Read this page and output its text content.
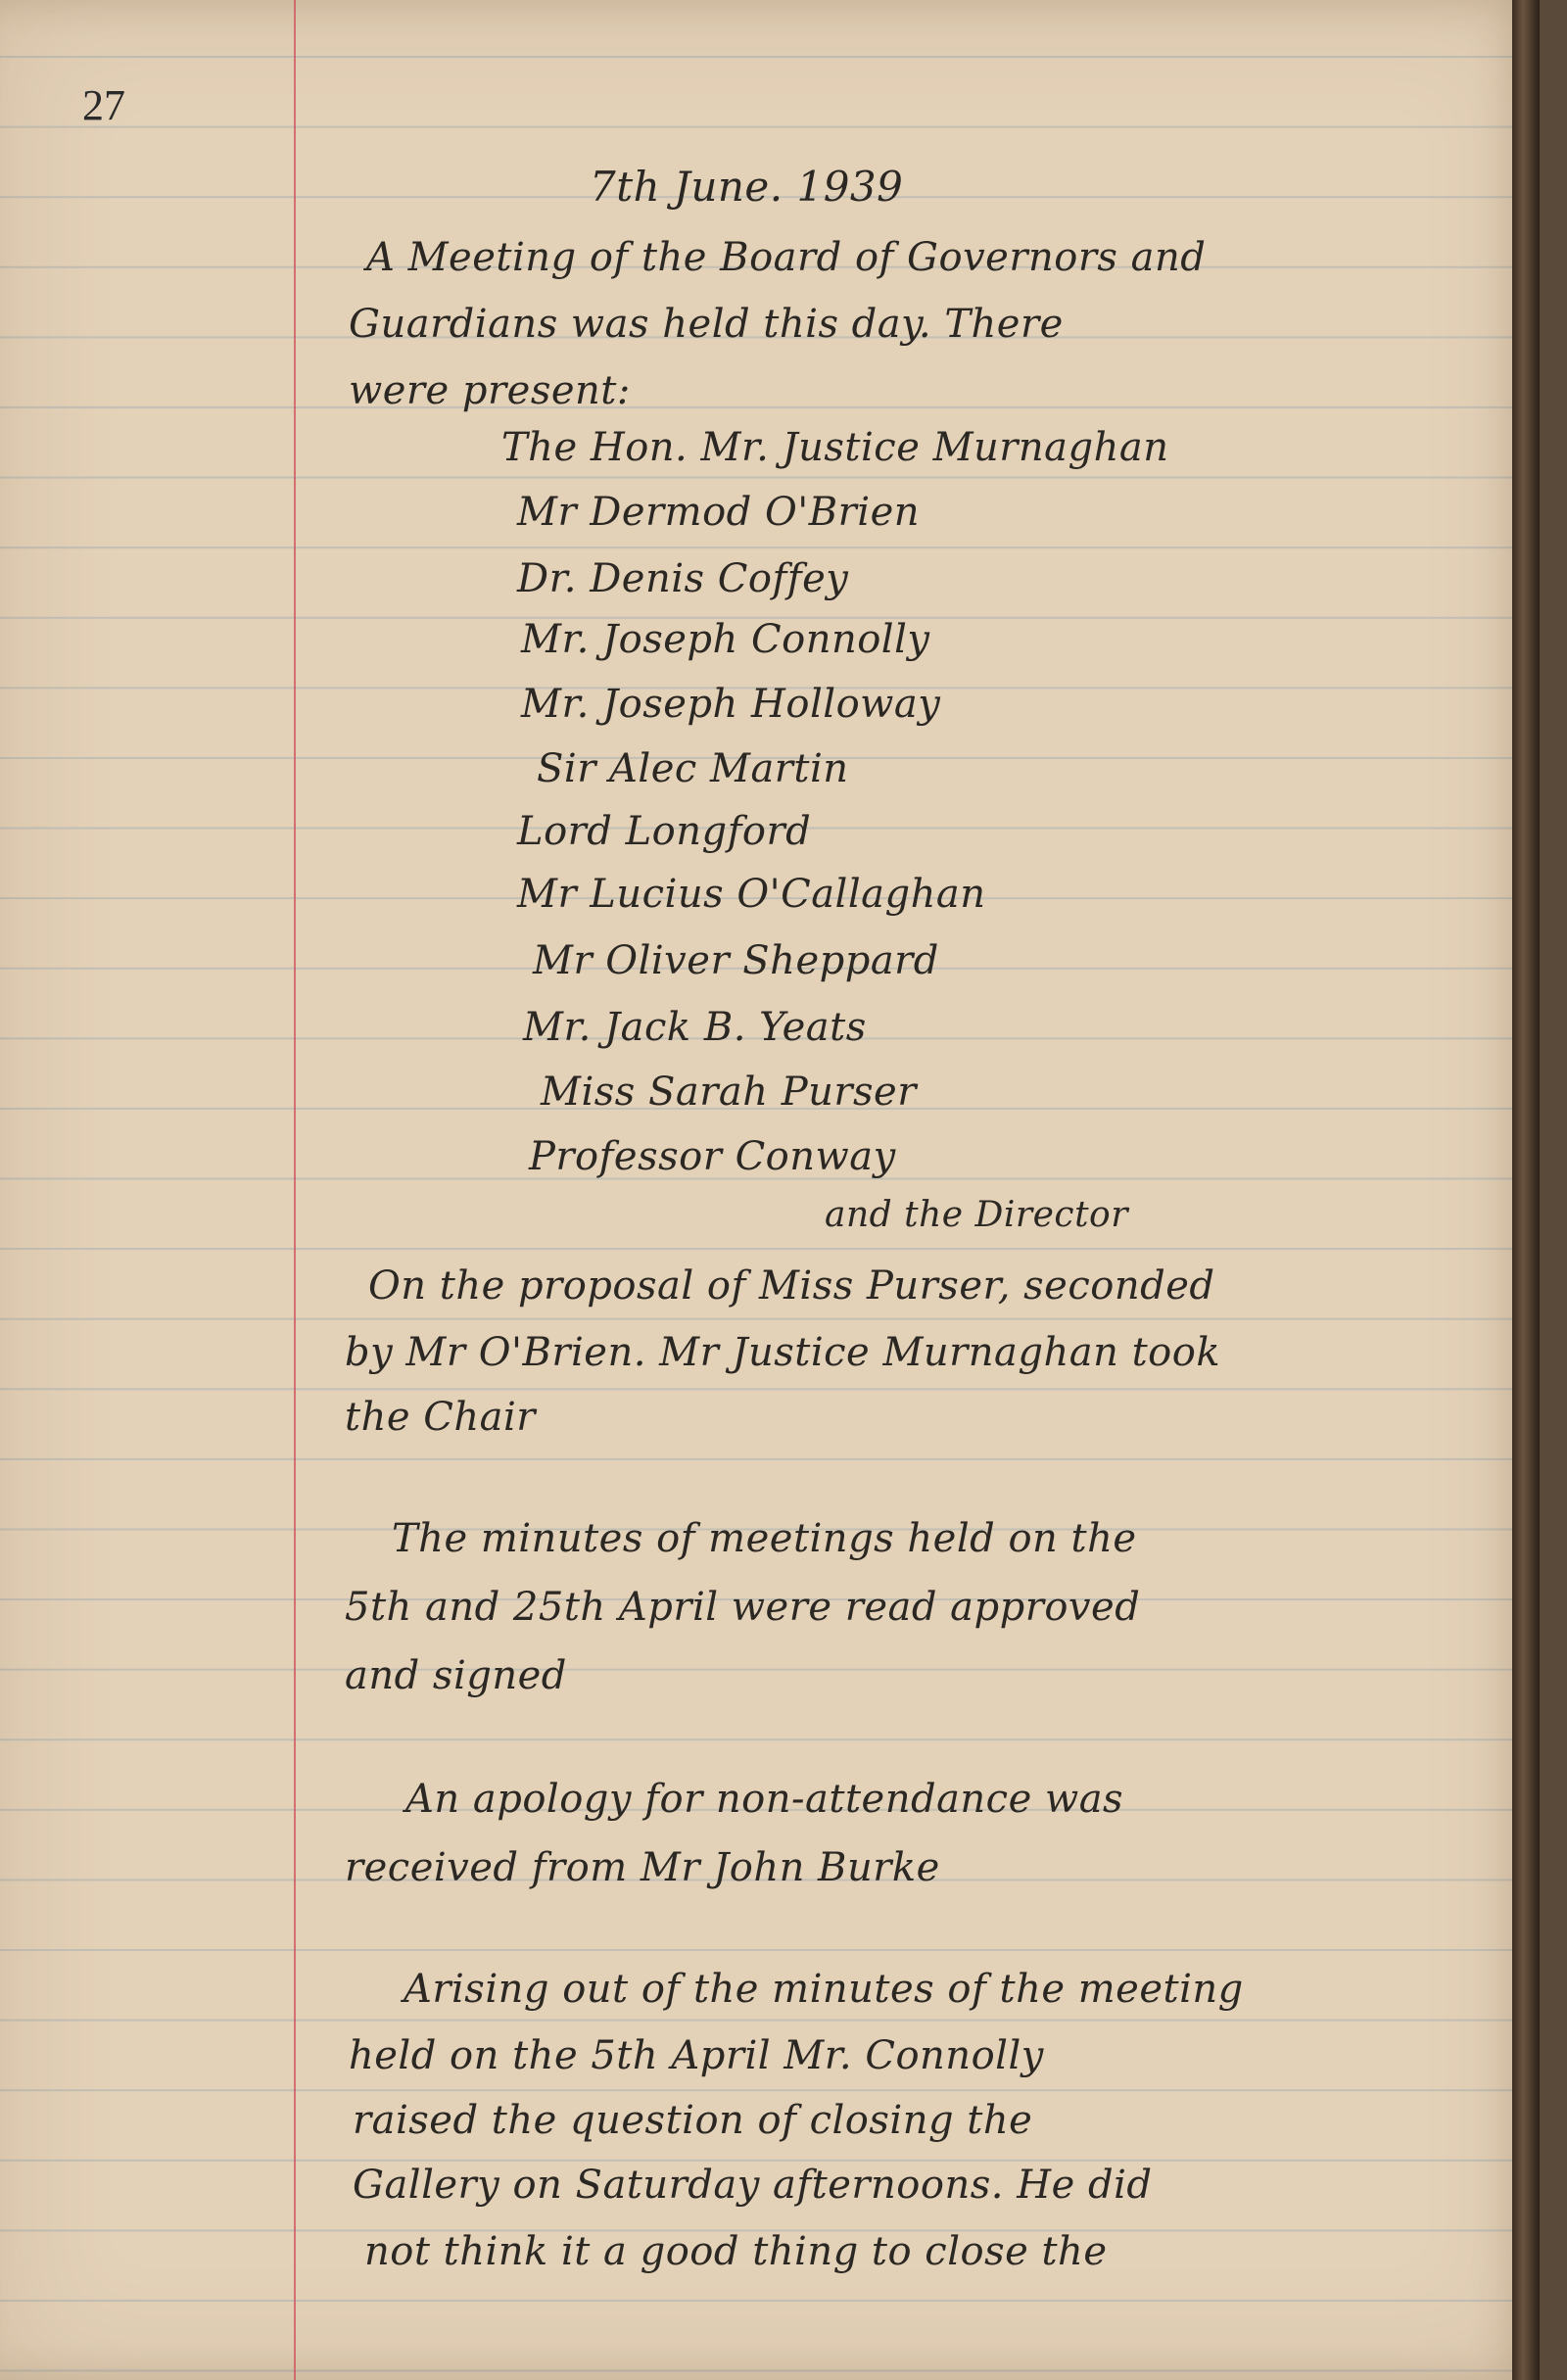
27
7th June. 1939
A Meeting of the Board of Governors and
Guardians was held this day. There
were present:
The Hon. Mr. Justice Murnaghan
Mr Dermod O'Brien
Dr. Denis Coffey
Mr. Joseph Connolly
Mr. Joseph Holloway
Sir Alec Martin
Lord Longford
Mr Lucius O'Callaghan
Mr Oliver Sheppard
Mr. Jack B. Yeats
Miss Sarah Purser
Professor Conway
and the Director
On the proposal of Miss Purser, seconded
by Mr O'Brien. Mr Justice Murnaghan took
the Chair
The minutes of meetings held on the
5th and 25th April were read approved
and signed
An apology for non-attendance was
received from Mr John Burke
Arising out of the minutes of the meeting
held on the 5th April Mr. Connolly
raised the question of closing the
Gallery on Saturday afternoons. He did
not think it a good thing to close the
